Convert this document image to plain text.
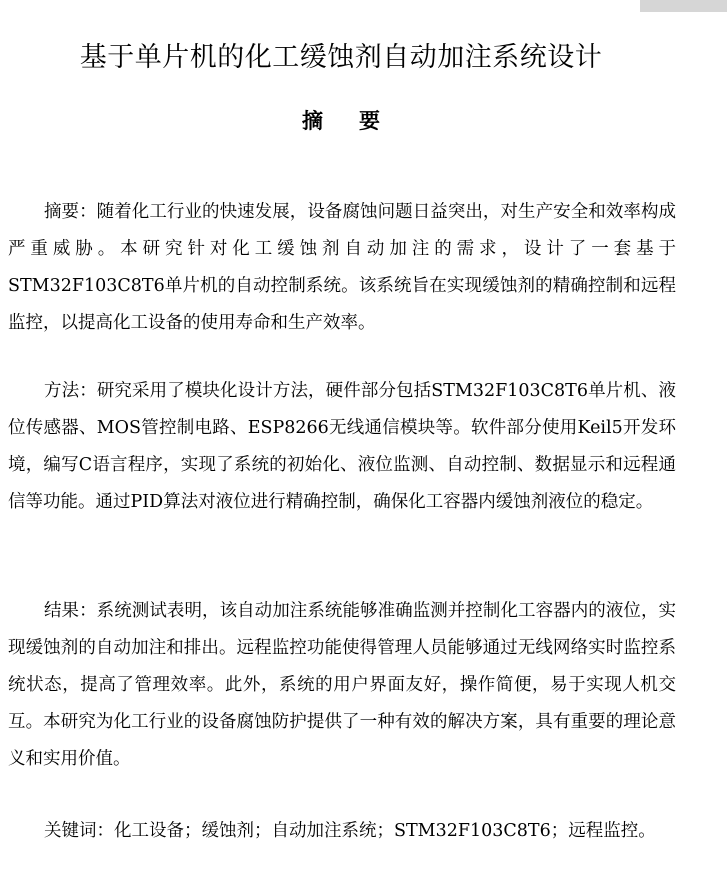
基于单片机的化工缓蚀剂自动加注系统设计
摘 要

摘要：随着化工行业的快速发展，设备腐蚀问题日益突出，对生产安全和效率构成严重威胁。本研究针对化工缓蚀剂自动加注的需求，设计了一套基于STM32F103C8T6单片机的自动控制系统。该系统旨在实现缓蚀剂的精确控制和远程监控，以提高化工设备的使用寿命和生产效率。

方法：研究采用了模块化设计方法，硬件部分包括STM32F103C8T6单片机、液位传感器、MOS管控制电路、ESP8266无线通信模块等。软件部分使用Keil5开发环境，编写C语言程序，实现了系统的初始化、液位监测、自动控制、数据显示和远程通信等功能。通过PID算法对液位进行精确控制，确保化工容器内缓蚀剂液位的稳定。

结果：系统测试表明，该自动加注系统能够准确监测并控制化工容器内的液位，实现缓蚀剂的自动加注和排出。远程监控功能使得管理人员能够通过无线网络实时监控系统状态，提高了管理效率。此外，系统的用户界面友好，操作简便，易于实现人机交互。本研究为化工行业的设备腐蚀防护提供了一种有效的解决方案，具有重要的理论意义和实用价值。

关键词：化工设备；缓蚀剂；自动加注系统；STM32F103C8T6；远程监控。
